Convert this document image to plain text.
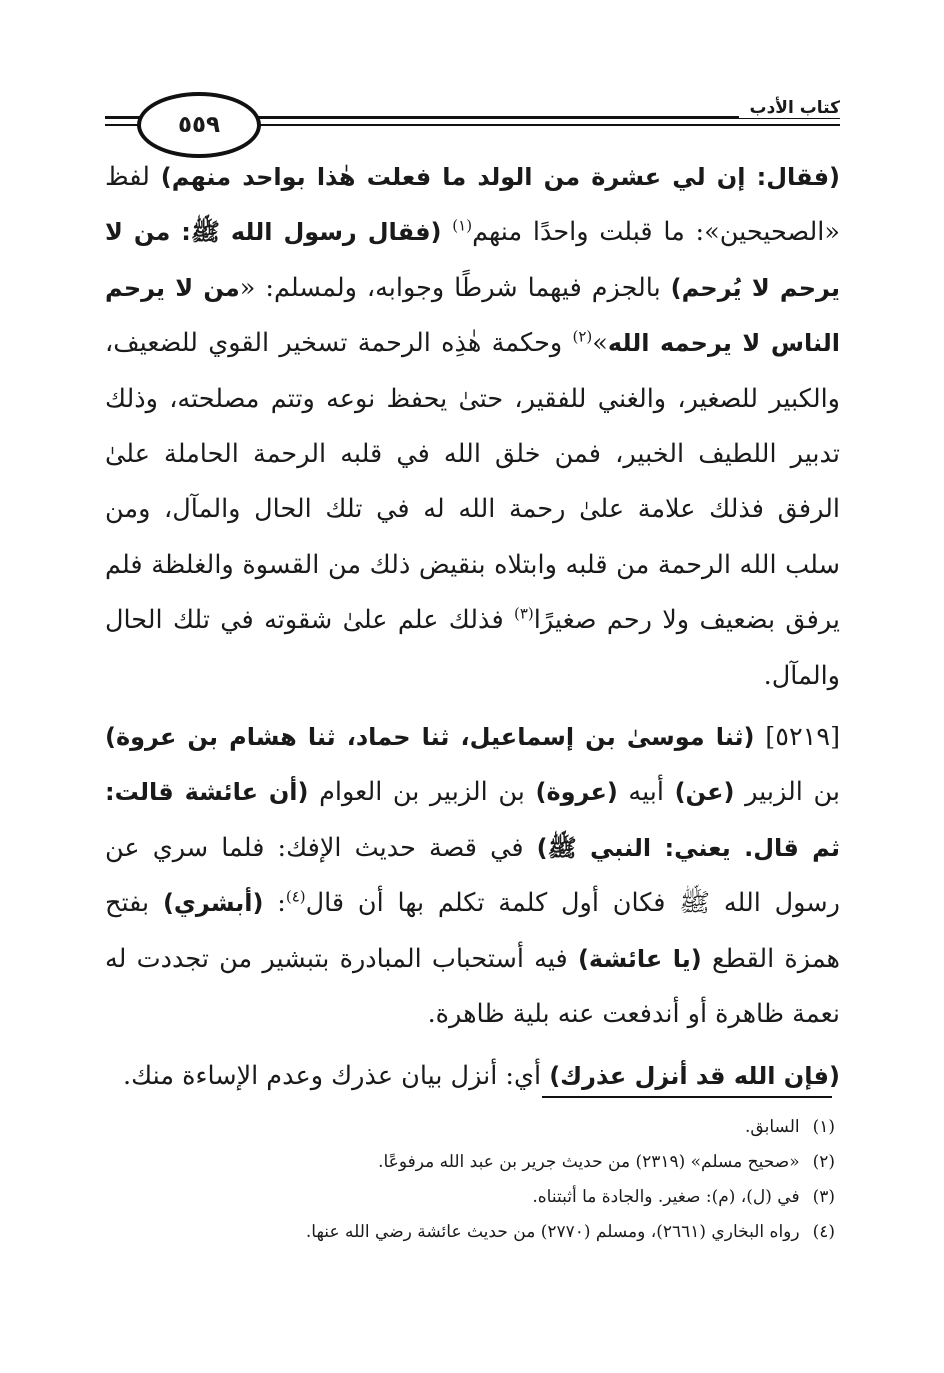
كتاب الأدب
٥٥٩

(فقال: إن لي عشرة من الولد ما فعلت هٰذا بواحد منهم) لفظ «الصحيحين»: ما قبلت واحدًا منهم$^{(١)}$ (فقال رسول الله ﷺ: من لا يرحم لا يُرحم) بالجزم فيهما شرطًا وجوابه، ولمسلم: «من لا يرحم الناس لا يرحمه الله»$^{(٢)}$ وحكمة هٰذِه الرحمة تسخير القوي للضعيف، والكبير للصغير، والغني للفقير، حتىٰ يحفظ نوعه وتتم مصلحته، وذلك تدبير اللطيف الخبير، فمن خلق الله في قلبه الرحمة الحاملة علىٰ الرفق فذلك علامة علىٰ رحمة الله له في تلك الحال والمآل، ومن سلب الله الرحمة من قلبه وابتلاه بنقيض ذلك من القسوة والغلظة فلم يرفق بضعيف ولا رحم صغيرًا$^{(٣)}$ فذلك علم علىٰ شقوته في تلك الحال والمآل.

[٥٢١٩] (ثنا موسىٰ بن إسماعيل، ثنا حماد، ثنا هشام بن عروة) بن الزبير (عن) أبيه (عروة) بن الزبير بن العوام (أن عائشة قالت: ثم قال. يعني: النبي ﷺ) في قصة حديث الإفك: فلما سري عن رسول الله ﷺ فكان أول كلمة تكلم بها أن قال$^{(٤)}$: (أبشري) بفتح همزة القطع (يا عائشة) فيه أستحباب المبادرة بتبشير من تجددت له نعمة ظاهرة أو أندفعت عنه بلية ظاهرة.

(فإن الله قد أنزل عذرك) أي: أنزل بيان عذرك وعدم الإساءة منك.

(١) السابق.
(٢) «صحيح مسلم» (٢٣١٩) من حديث جرير بن عبد الله مرفوعًا.
(٣) في (ل)، (م): صغير. والجادة ما أثبتناه.
(٤) رواه البخاري (٢٦٦١)، ومسلم (٢٧٧٠) من حديث عائشة رضي الله عنها.
